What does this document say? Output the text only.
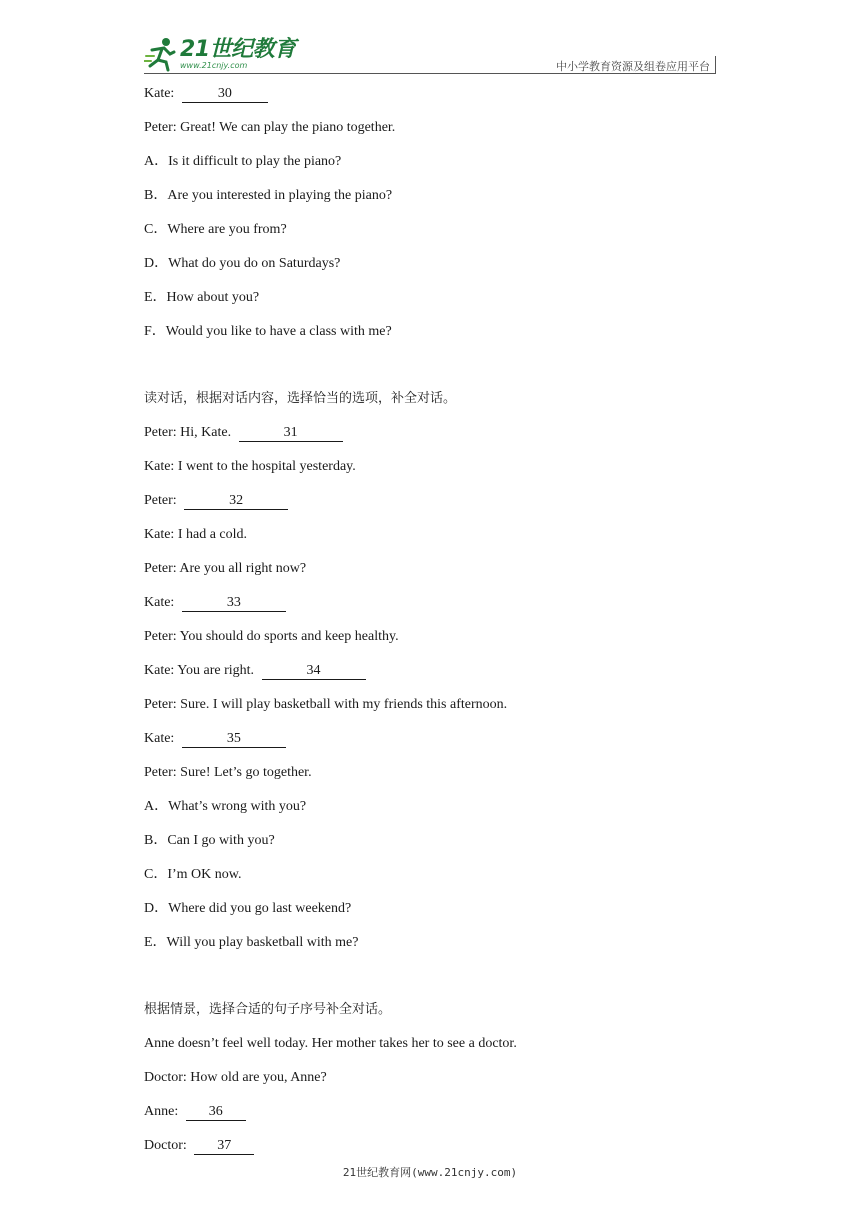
21世纪教育
www.21cnjy.com	中小学教育资源及组卷应用平台
Kate:	30
Peter: Great! We can play the piano together.
A．Is it difficult to play the piano?
B．Are you interested in playing the piano?
C．Where are you from?
D．What do you do on Saturdays?
E．How about you?
F．Would you like to have a class with me?
读对话，根据对话内容，选择恰当的选项，补全对话。
Peter: Hi, Kate.	31
Kate: I went to the hospital yesterday.
Peter:	32
Kate: I had a cold.
Peter: Are you all right now?
Kate:	33
Peter: You should do sports and keep healthy.
Kate: You are right.	34
Peter: Sure. I will play basketball with my friends this afternoon.
Kate:	35
Peter: Sure! Let’s go together.
A．What’s wrong with you?
B．Can I go with you?
C．I’m OK now.
D．Where did you go last weekend?
E．Will you play basketball with me?
根据情景，选择合适的句子序号补全对话。
Anne doesn’t feel well today. Her mother takes her to see a doctor.
Doctor: How old are you, Anne?
Anne: 36
Doctor: 37
21世纪教育网(www.21cnjy.com)
